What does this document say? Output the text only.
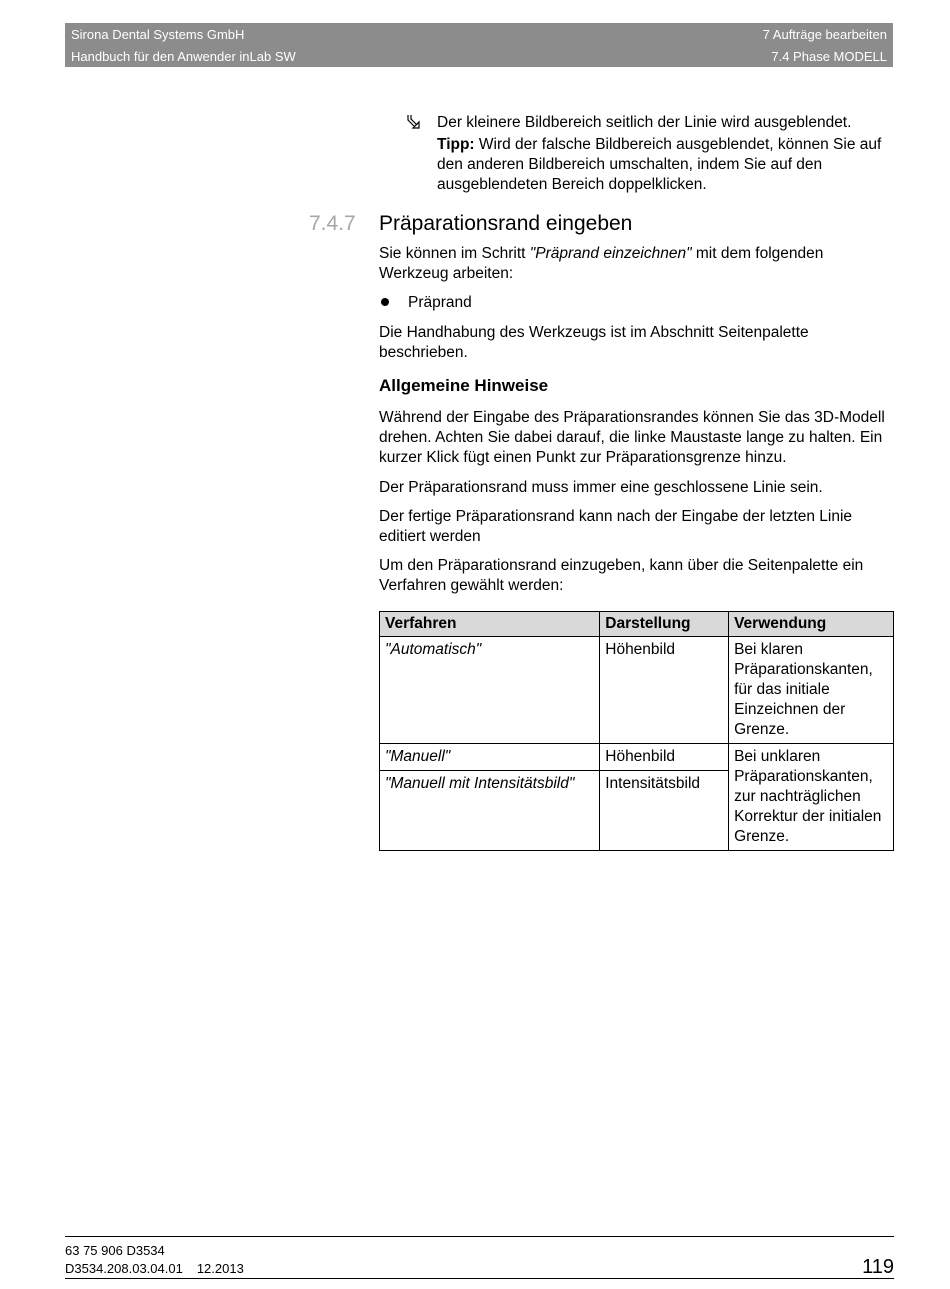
Sirona Dental Systems GmbH
Handbuch für den Anwender inLab SW
7 Aufträge bearbeiten
7.4 Phase MODELL

Der kleinere Bildbereich seitlich der Linie wird ausgeblendet.

Tipp: Wird der falsche Bildbereich ausgeblendet, können Sie auf den anderen Bildbereich umschalten, indem Sie auf den ausgeblendeten Bereich doppelklicken.

7.4.7 Präparationsrand eingeben

Sie können im Schritt "Präprand einzeichnen" mit dem folgenden Werkzeug arbeiten:

Präprand

Die Handhabung des Werkzeugs ist im Abschnitt Seitenpalette beschrieben.

Allgemeine Hinweise

Während der Eingabe des Präparationsrandes können Sie das 3D-Modell drehen. Achten Sie dabei darauf, die linke Maustaste lange zu halten. Ein kurzer Klick fügt einen Punkt zur Präparationsgrenze hinzu.

Der Präparationsrand muss immer eine geschlossene Linie sein.

Der fertige Präparationsrand kann nach der Eingabe der letzten Linie editiert werden

Um den Präparationsrand einzugeben, kann über die Seitenpalette ein Verfahren gewählt werden:

Verfahren	Darstellung	Verwendung
"Automatisch"	Höhenbild	Bei klaren Präparationskanten, für das initiale Einzeichnen der Grenze.
"Manuell"	Höhenbild	Bei unklaren Präparationskanten, zur nachträglichen Korrektur der initialen Grenze.
"Manuell mit Intensitätsbild"	Intensitätsbild	
63 75 906 D3534
D3534.208.03.04.01 12.2013	119
